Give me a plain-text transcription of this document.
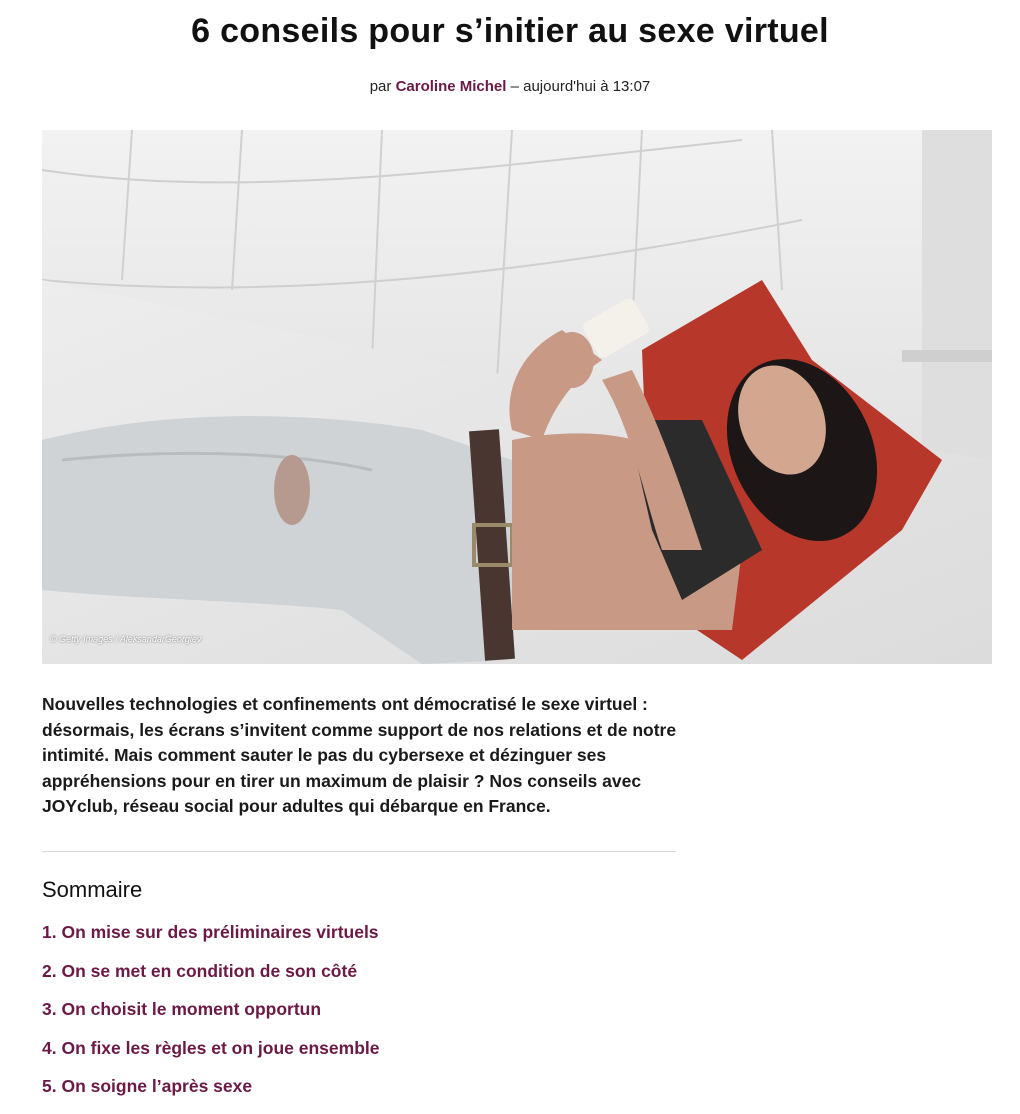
6 conseils pour s’initier au sexe virtuel
par Caroline Michel – aujourd'hui à 13:07
© Getty Images / AleksandarGeorgiev

Nouvelles technologies et confinements ont démocratisé le sexe virtuel : désormais, les écrans s’invitent comme support de nos relations et de notre intimité. Mais comment sauter le pas du cybersexe et dézinguer ses appréhensions pour en tirer un maximum de plaisir ? Nos conseils avec JOYclub, réseau social pour adultes qui débarque en France.

Sommaire
1. On mise sur des préliminaires virtuels
2. On se met en condition de son côté
3. On choisit le moment opportun
4. On fixe les règles et on joue ensemble
5. On soigne l’après sexe
